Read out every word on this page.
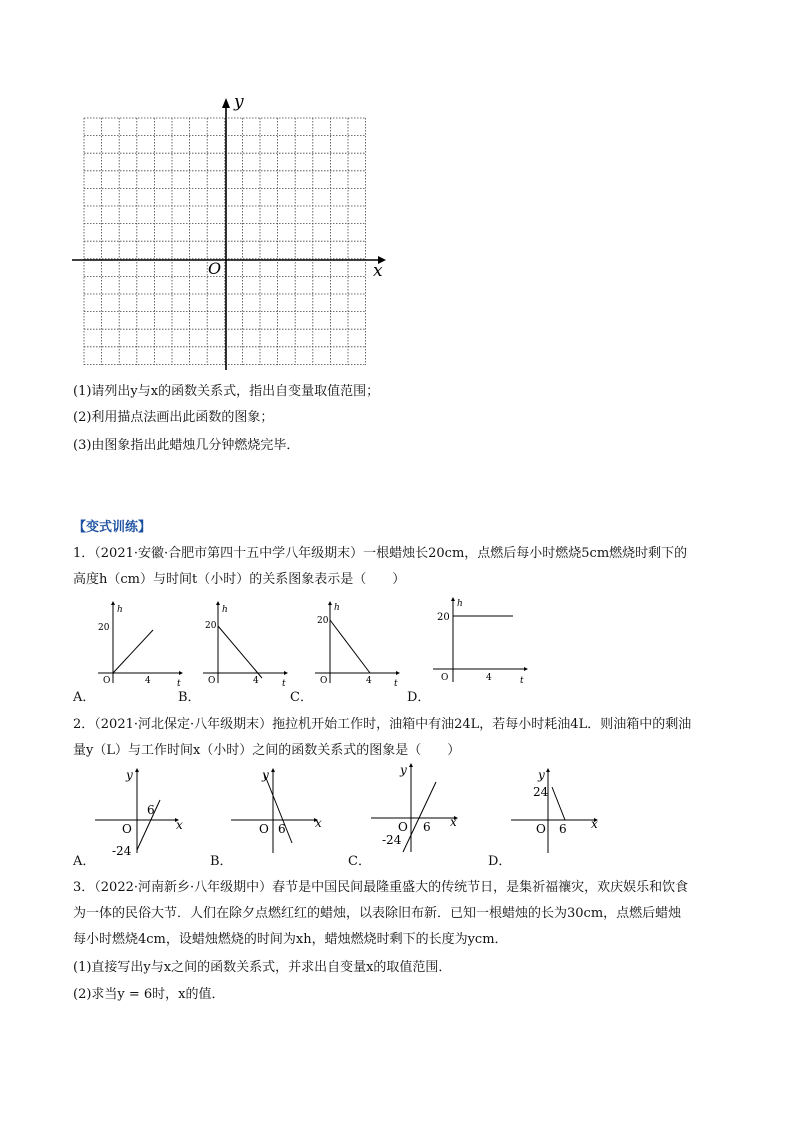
y
x
O
(1)请列出y与x的函数关系式，指出自变量取值范围；
(2)利用描点法画出此函数的图象；
(3)由图象指出此蜡烛几分钟燃烧完毕．
【变式训练】
1．（2021·安徽·合肥市第四十五中学八年级期末）一根蜡烛长20cm，点燃后每小时燃烧5cm燃烧时剩下的
高度h（cm）与时间t（小时）的关系图象表示是（　　）
h
20
O	4	t
A．
h
20
O	4	t
B．
h
20
O	4 t
C．
h
20
O	4	t
D．
2．（2021·河北保定·八年级期末）拖拉机开始工作时，油箱中有油24L，若每小时耗油4L．则油箱中的剩油
量y（L）与工作时间x（小时）之间的函数关系式的图象是（　　）
y
6
O	x
-24
A．
y
O 6 x
B．
y
O 6 x
-24
C．
y
24
O 6 x
D．
3．（2022·河南新乡·八年级期中）春节是中国民间最隆重盛大的传统节日，是集祈福禳灾，欢庆娱乐和饮食
为一体的民俗大节．人们在除夕点燃红红的蜡烛，以表除旧布新．已知一根蜡烛的长为30cm，点燃后蜡烛
每小时燃烧4cm，设蜡烛燃烧的时间为xh，蜡烛燃烧时剩下的长度为ycm．
(1)直接写出y与x之间的函数关系式，并求出自变量x的取值范围．
(2)求当y = 6时，x的值．
